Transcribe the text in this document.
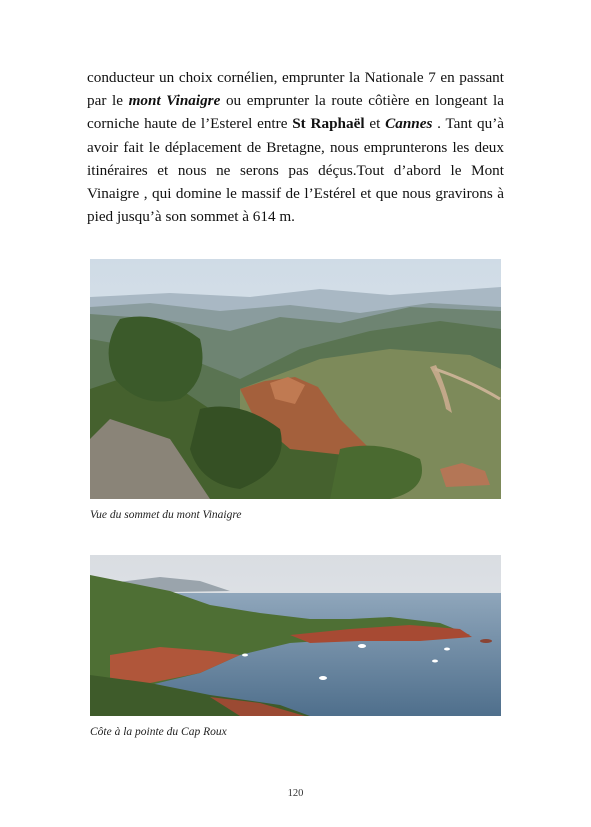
conducteur un choix cornélien, emprunter la Nationale 7 en passant par le mont Vinaigre ou emprunter la route côtière en longeant la corniche haute de l’Esterel entre St Raphaël et Cannes . Tant qu’à avoir fait le déplacement de Bretagne, nous emprunterons les deux itinéraires et nous ne serons pas déçus.Tout d’abord le Mont Vinaigre , qui domine le massif de l’Estérel et que nous gravirons à pied jusqu’à son sommet à 614 m.
Vue du sommet du mont Vinaigre
Côte à la pointe du Cap Roux
120
